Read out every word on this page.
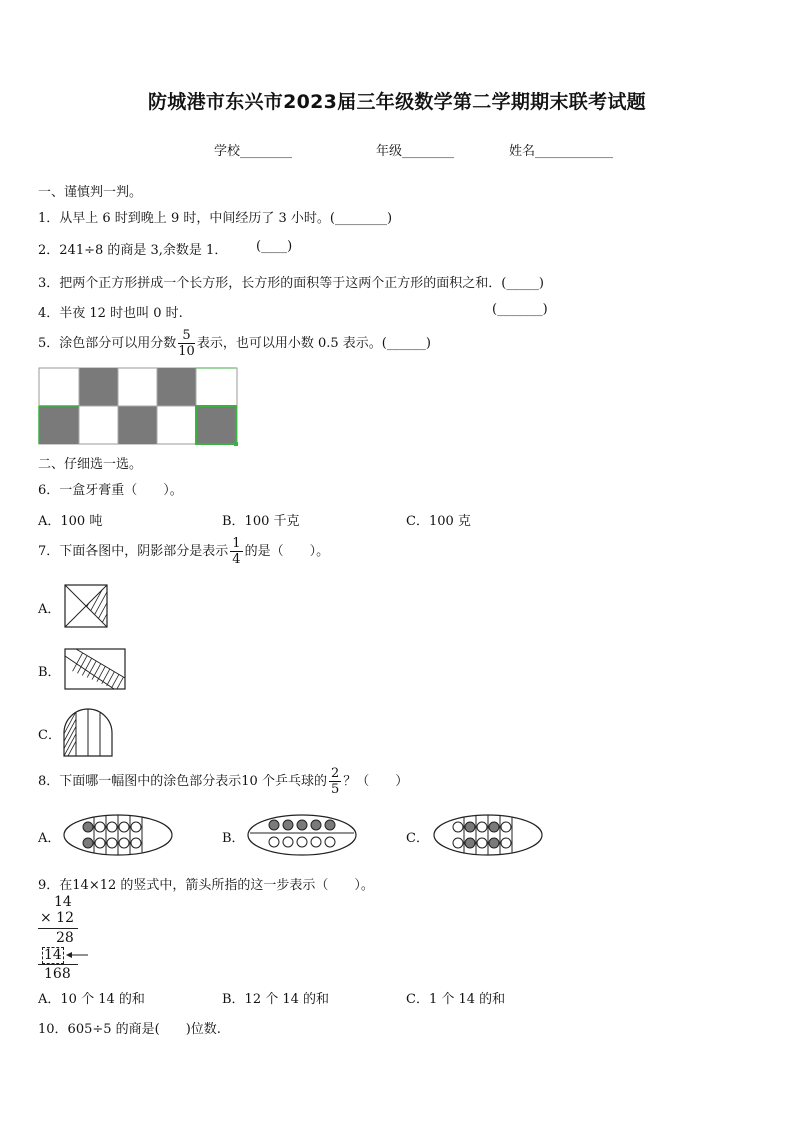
防城港市东兴市2023届三年级数学第二学期期末联考试题
学校________	年级________	姓名____________
一、谨慎判一判。
1．从早上 6 时到晚上 9 时，中间经历了 3 小时。(________)
2．241÷8 的商是 3,余数是 1． (____)
3．把两个正方形拼成一个长方形，长方形的面积等于这两个正方形的面积之和．(_____)
4．半夜 12 时也叫 0 时.	(_______)
5．涂色部分可以用分数 $\frac{5}{10}$ 表示，也可以用小数 0.5 表示。(______)
二、仔细选一选。
6．一盒牙膏重（　　）。
A．100 吨	B．100 千克	C．100 克
7．下面各图中，阴影部分是表示 $\frac{1}{4}$ 的是（　　）。
A．
B．
C．
8．下面哪一幅图中的涂色部分表示10 个乒乓球的 $\frac{2}{5}$ ？（　　）
A．	B．	C．
9．在14×12 的竖式中，箭头所指的这一步表示（　　）。
14
× 12
28
14
168
A．10 个 14 的和	B．12 个 14 的和	C．1 个 14 的和
10．605÷5 的商是(　　)位数.
